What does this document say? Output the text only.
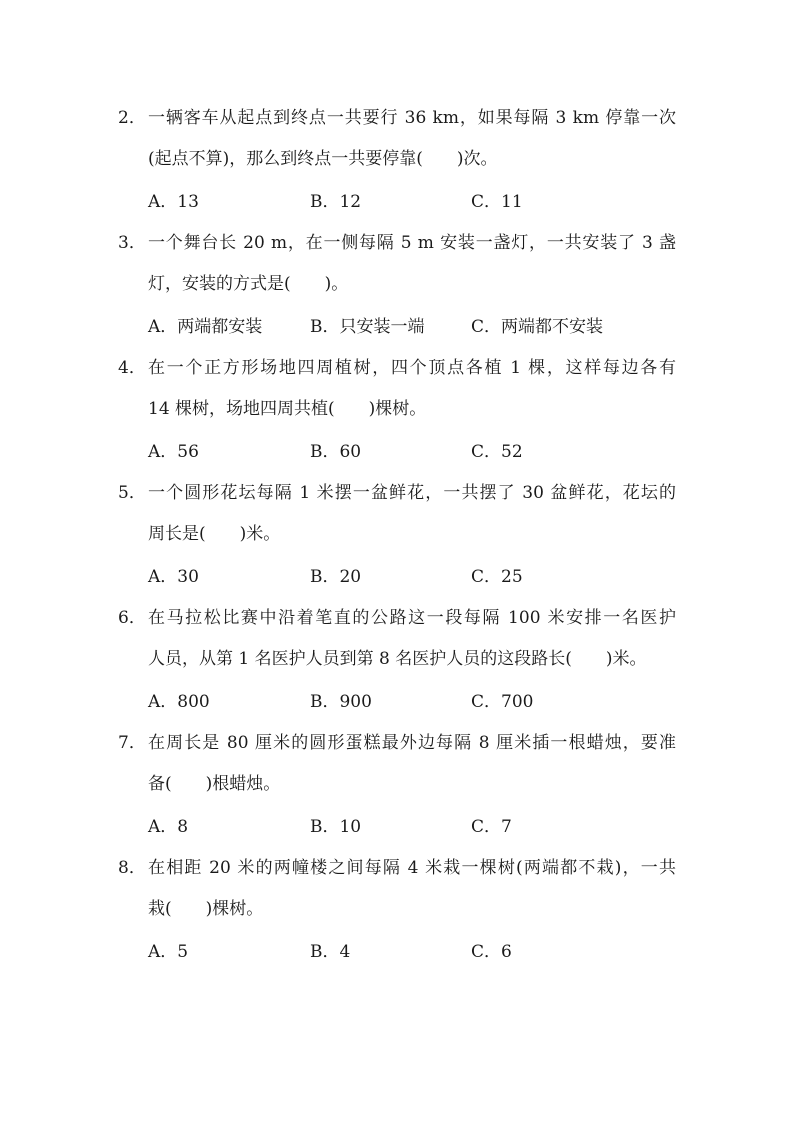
2． 一辆客车从起点到终点一共要行 36 km，如果每隔 3 km 停靠一次
(起点不算)，那么到终点一共要停靠(　　)次。
A．13	B．12	C．11
3． 一个舞台长 20 m，在一侧每隔 5 m 安装一盏灯，一共安装了 3 盏
灯，安装的方式是(　　)。
A．两端都安装	B．只安装一端	C．两端都不安装
4． 在一个正方形场地四周植树，四个顶点各植 1 棵，这样每边各有
14 棵树，场地四周共植(　　)棵树。
A．56	B．60	C．52
5． 一个圆形花坛每隔 1 米摆一盆鲜花，一共摆了 30 盆鲜花，花坛的
周长是(　　)米。
A．30	B．20	C．25
6． 在马拉松比赛中沿着笔直的公路这一段每隔 100 米安排一名医护
人员，从第 1 名医护人员到第 8 名医护人员的这段路长(　　)米。
A．800	B．900	C．700
7． 在周长是 80 厘米的圆形蛋糕最外边每隔 8 厘米插一根蜡烛，要准
备(　　)根蜡烛。
A．8	B．10	C．7
8． 在相距 20 米的两幢楼之间每隔 4 米栽一棵树(两端都不栽)，一共
栽(　　)棵树。
A．5	B．4	C．6
